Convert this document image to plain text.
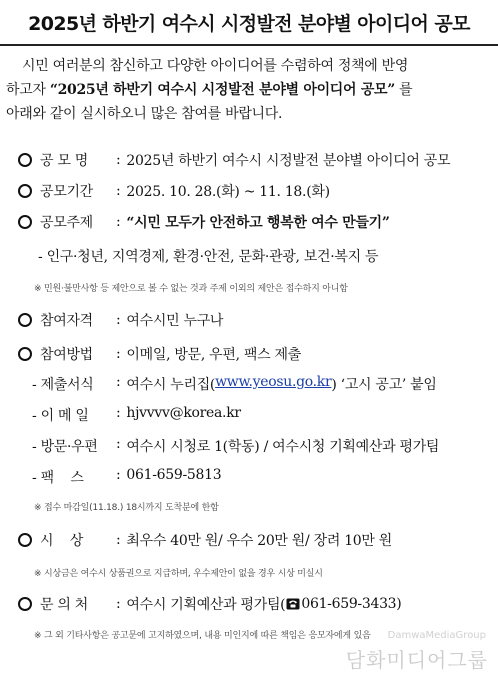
2025년 하반기 여수시 시정발전 분야별 아이디어 공모
시민 여러분의 참신하고 다양한 아이디어를 수렴하여 정책에 반영
하고자 “2025년 하반기 여수시 시정발전 분야별 아이디어 공모” 를
아래와 같이 실시하오니 많은 참여를 바랍니다.
공 모 명	: 2025년 하반기 여수시 시정발전 분야별 아이디어 공모
공모기간	: 2025. 10. 28.(화) ~ 11. 18.(화)
공모주제	: “시민 모두가 안전하고 행복한 여수 만들기”
- 인구·청년, 지역경제, 환경·안전, 문화·관광, 보건·복지 등
※ 민원·불만사항 등 제안으로 볼 수 없는 것과 주제 이외의 제안은 접수하지 아니함
참여자격	: 여수시민 누구나
참여방법	: 이메일, 방문, 우편, 팩스 제출
- 제출서식	: 여수시 누리집( www.yeosu.go.kr ) ‘고시 공고’ 붙임
- 이 메 일	: hjvvvv@korea.kr
- 방문·우편	: 여수시 시청로 1(학동) / 여수시청 기획예산과 평가팀
- 팩    스	: 061-659-5813
※ 접수 마감일(11.18.) 18시까지 도착분에 한함
시    상	: 최우수 40만 원/ 우수 20만 원/ 장려 10만 원
※ 시상금은 여수시 상품권으로 지급하며, 우수제안이 없을 경우 시상 미실시
문 의 처	: 여수시 기획예산과 평가팀( 061-659-3433 )
※ 그 외 기타사항은 공고문에 고지하였으며, 내용 미인지에 따른 책임은 응모자에게 있음 DamwaMediaGroup
담화미디어그룹
